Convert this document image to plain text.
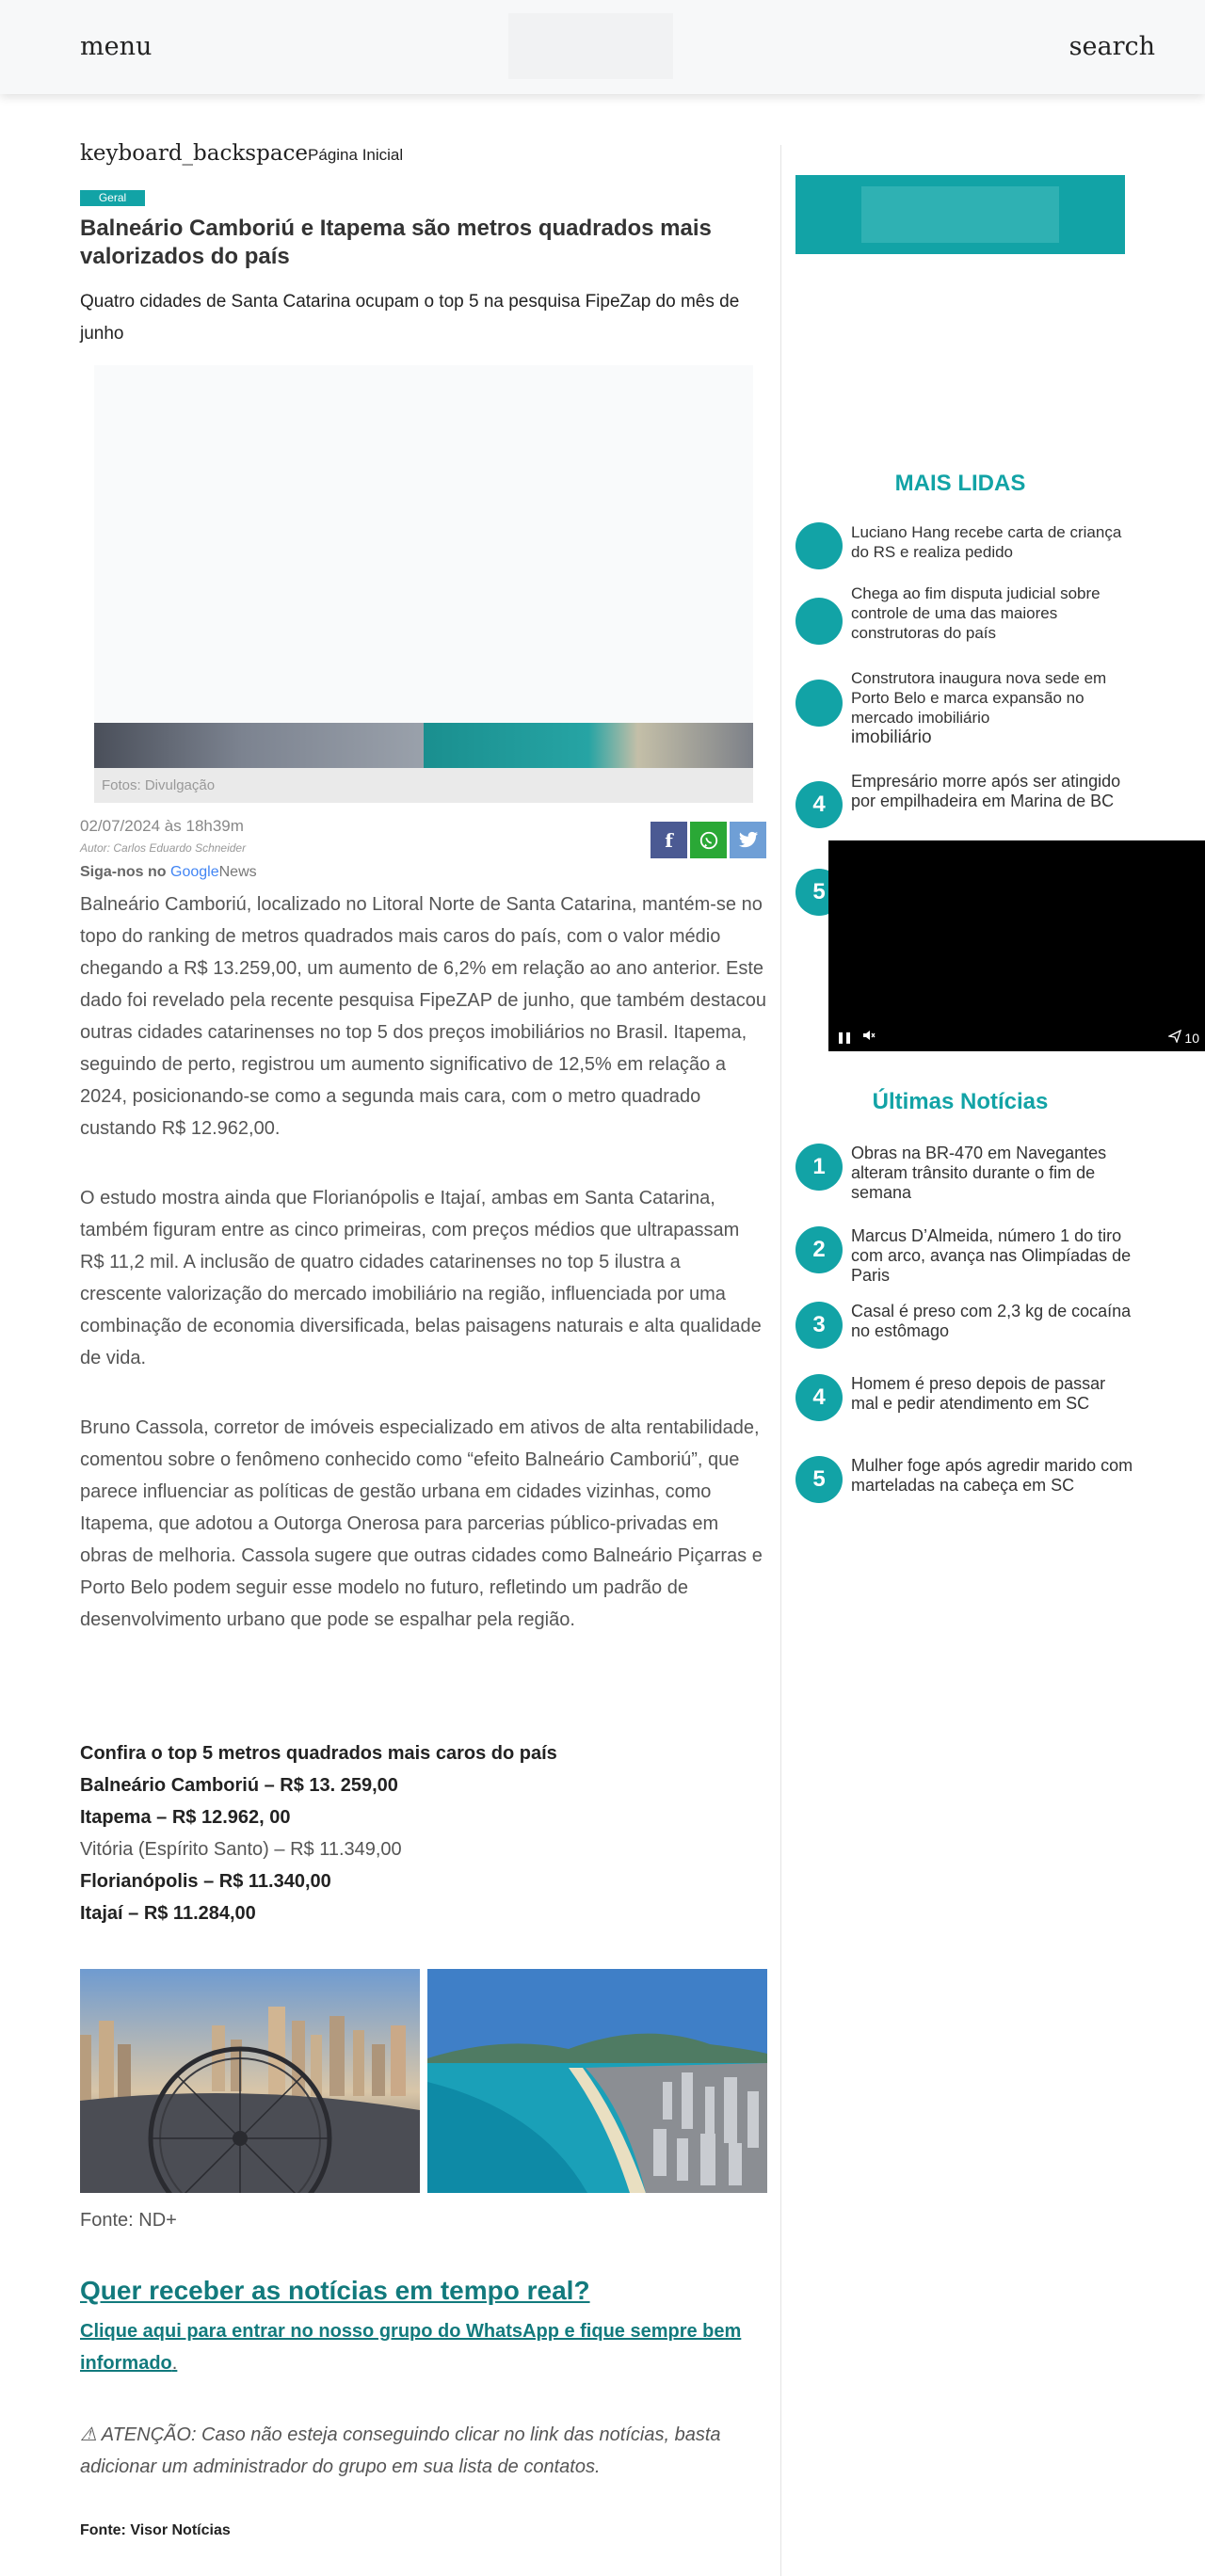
menu	search
keyboard_backspacePágina Inicial
Geral
Balneário Camboriú e Itapema são metros quadrados mais valorizados do país

Quatro cidades de Santa Catarina ocupam o top 5 na pesquisa FipeZap do mês de junho

Fotos: Divulgação
02/07/2024 às 18h39m
Autor: Carlos Eduardo Schneider
Siga-nos no GoogleNews
f

Balneário Camboriú, localizado no Litoral Norte de Santa Catarina, mantém-se no topo do ranking de metros quadrados mais caros do país, com o valor médio chegando a R$ 13.259,00, um aumento de 6,2% em relação ao ano anterior. Este dado foi revelado pela recente pesquisa FipeZAP de junho, que também destacou outras cidades catarinenses no top 5 dos preços imobiliários no Brasil. Itapema, seguindo de perto, registrou um aumento significativo de 12,5% em relação a 2024, posicionando-se como a segunda mais cara, com o metro quadrado custando R$ 12.962,00.

O estudo mostra ainda que Florianópolis e Itajaí, ambas em Santa Catarina, também figuram entre as cinco primeiras, com preços médios que ultrapassam R$ 11,2 mil. A inclusão de quatro cidades catarinenses no top 5 ilustra a crescente valorização do mercado imobiliário na região, influenciada por uma combinação de economia diversificada, belas paisagens naturais e alta qualidade de vida.

Bruno Cassola, corretor de imóveis especializado em ativos de alta rentabilidade, comentou sobre o fenômeno conhecido como “efeito Balneário Camboriú”, que parece influenciar as políticas de gestão urbana em cidades vizinhas, como Itapema, que adotou a Outorga Onerosa para parcerias público-privadas em obras de melhoria. Cassola sugere que outras cidades como Balneário Piçarras e Porto Belo podem seguir esse modelo no futuro, refletindo um padrão de desenvolvimento urbano que pode se espalhar pela região.

Confira o top 5 metros quadrados mais caros do país
Balneário Camboriú – R$ 13. 259,00
Itapema – R$ 12.962, 00
Vitória (Espírito Santo) – R$ 11.349,00
Florianópolis – R$ 11.340,00
Itajaí – R$ 11.284,00
Fonte: ND+
Quer receber as notícias em tempo real?
Clique aqui para entrar no nosso grupo do WhatsApp e fique sempre bem informado.
⚠ ATENÇÃO: Caso não esteja conseguindo clicar no link das notícias, basta adicionar um administrador do grupo em sua lista de contatos.
Fonte: Visor Notícias
MAIS LIDAS
Luciano Hang recebe carta de criança do RS e realiza pedido
Chega ao fim disputa judicial sobre controle de uma das maiores construtoras do país
Construtora inaugura nova sede em Porto Belo e marca expansão no mercado imobiliário
imobiliário
4
Empresário morre após ser atingido por empilhadeira em Marina de BC
5
❚❚	10
Últimas Notícias
1
Obras na BR-470 em Navegantes alteram trânsito durante o fim de semana
2
Marcus D’Almeida, número 1 do tiro com arco, avança nas Olimpíadas de Paris
3
Casal é preso com 2,3 kg de cocaína no estômago
4
Homem é preso depois de passar mal e pedir atendimento em SC
5
Mulher foge após agredir marido com marteladas na cabeça em SC
